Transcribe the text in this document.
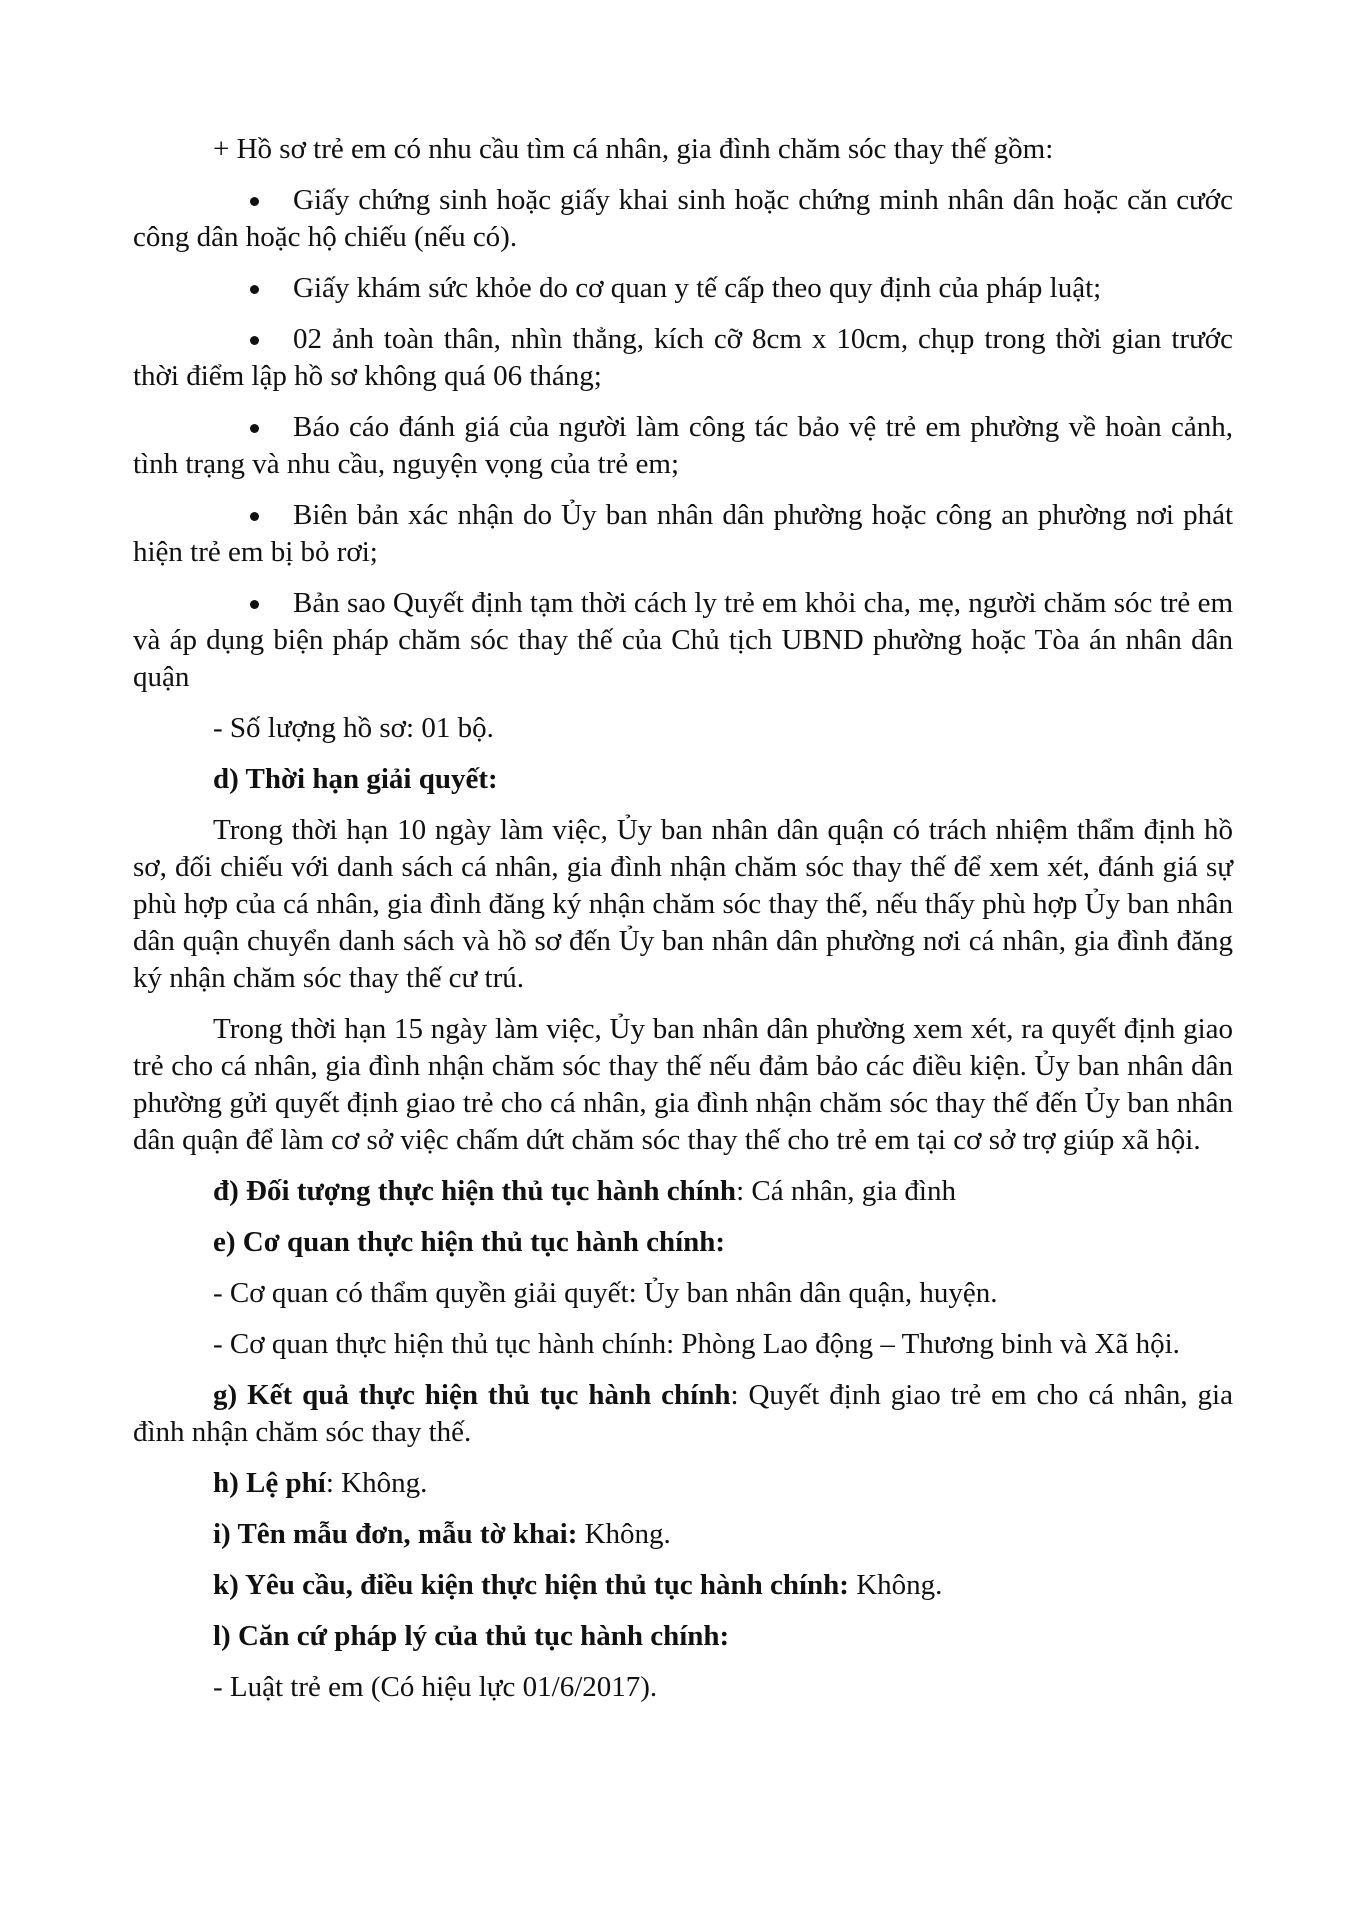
+ Hồ sơ trẻ em có nhu cầu tìm cá nhân, gia đình chăm sóc thay thế gồm:

Giấy chứng sinh hoặc giấy khai sinh hoặc chứng minh nhân dân hoặc căn cước công dân hoặc hộ chiếu (nếu có).

Giấy khám sức khỏe do cơ quan y tế cấp theo quy định của pháp luật;

02 ảnh toàn thân, nhìn thẳng, kích cỡ 8cm x 10cm, chụp trong thời gian trước thời điểm lập hồ sơ không quá 06 tháng;

Báo cáo đánh giá của người làm công tác bảo vệ trẻ em phường về hoàn cảnh, tình trạng và nhu cầu, nguyện vọng của trẻ em;

Biên bản xác nhận do Ủy ban nhân dân phường hoặc công an phường nơi phát hiện trẻ em bị bỏ rơi;

Bản sao Quyết định tạm thời cách ly trẻ em khỏi cha, mẹ, người chăm sóc trẻ em và áp dụng biện pháp chăm sóc thay thế của Chủ tịch UBND phường hoặc Tòa án nhân dân quận

- Số lượng hồ sơ: 01 bộ.

d) Thời hạn giải quyết:

Trong thời hạn 10 ngày làm việc, Ủy ban nhân dân quận có trách nhiệm thẩm định hồ sơ, đối chiếu với danh sách cá nhân, gia đình nhận chăm sóc thay thế để xem xét, đánh giá sự phù hợp của cá nhân, gia đình đăng ký nhận chăm sóc thay thế, nếu thấy phù hợp Ủy ban nhân dân quận chuyển danh sách và hồ sơ đến Ủy ban nhân dân phường nơi cá nhân, gia đình đăng ký nhận chăm sóc thay thế cư trú.

Trong thời hạn 15 ngày làm việc, Ủy ban nhân dân phường xem xét, ra quyết định giao trẻ cho cá nhân, gia đình nhận chăm sóc thay thế nếu đảm bảo các điều kiện. Ủy ban nhân dân phường gửi quyết định giao trẻ cho cá nhân, gia đình nhận chăm sóc thay thế đến Ủy ban nhân dân quận để làm cơ sở việc chấm dứt chăm sóc thay thế cho trẻ em tại cơ sở trợ giúp xã hội.

đ) Đối tượng thực hiện thủ tục hành chính: Cá nhân, gia đình

e) Cơ quan thực hiện thủ tục hành chính:

- Cơ quan có thẩm quyền giải quyết: Ủy ban nhân dân quận, huyện.

- Cơ quan thực hiện thủ tục hành chính: Phòng Lao động – Thương binh và Xã hội.

g) Kết quả thực hiện thủ tục hành chính: Quyết định giao trẻ em cho cá nhân, gia đình nhận chăm sóc thay thế.

h) Lệ phí: Không.

i) Tên mẫu đơn, mẫu tờ khai: Không.

k) Yêu cầu, điều kiện thực hiện thủ tục hành chính: Không.

l) Căn cứ pháp lý của thủ tục hành chính:

- Luật trẻ em (Có hiệu lực 01/6/2017).
